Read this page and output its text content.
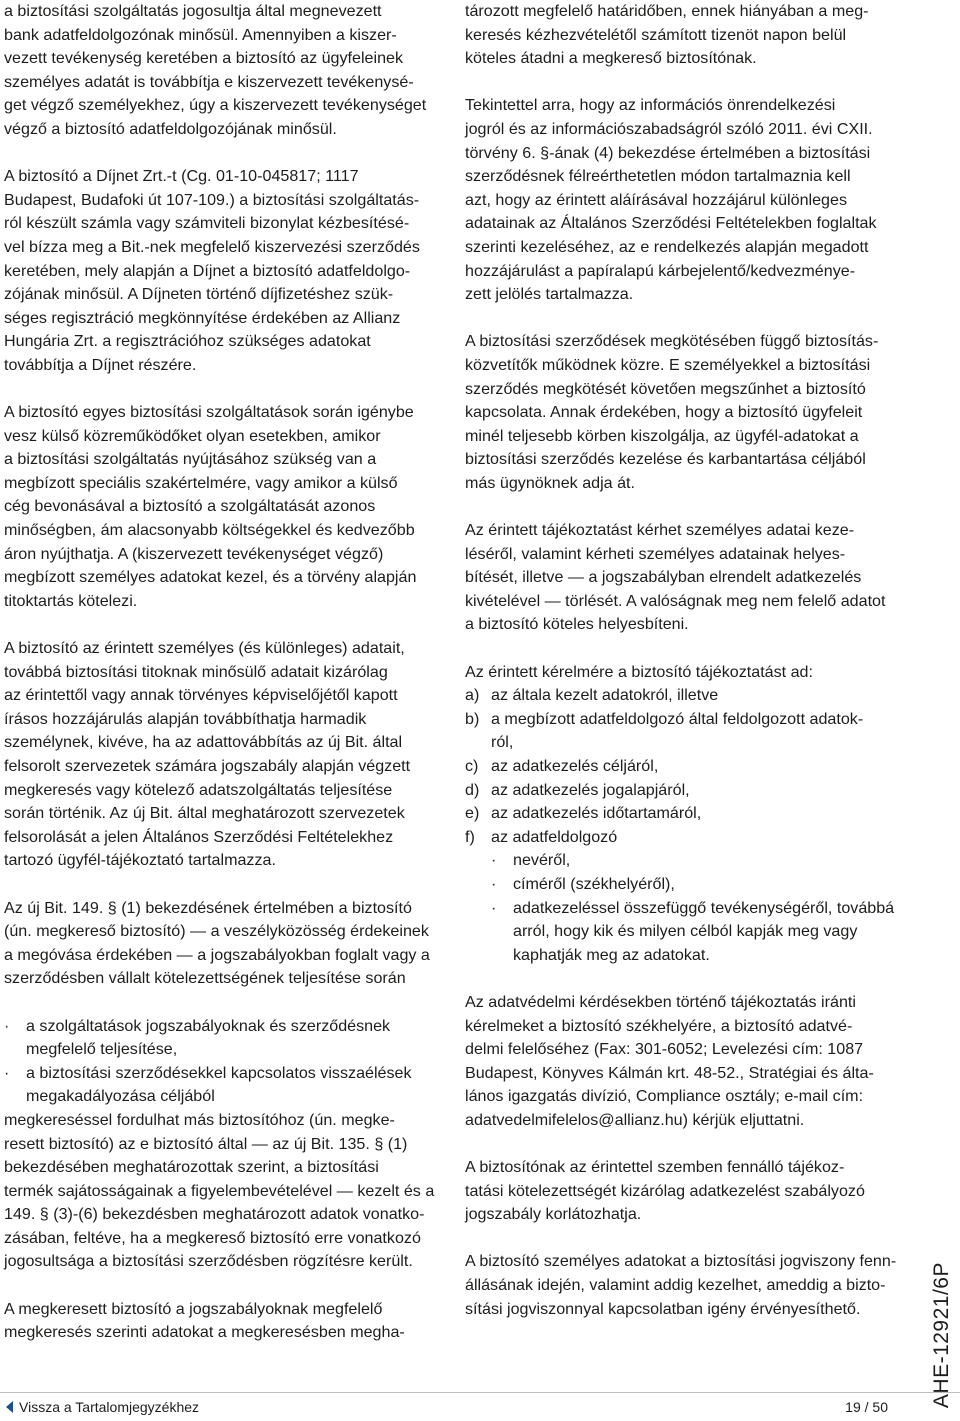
a biztosítási szolgáltatás jogosultja által megnevezett

bank adatfeldolgozónak minősül. Amennyiben a kiszer-

vezett tevékenység keretében a biztosító az ügyfeleinek

személyes adatát is továbbítja e kiszervezett tevékenysé-

get végző személyekhez, úgy a kiszervezett tevékenységet

végző a biztosító adatfeldolgozójának minősül.

A biztosító a Díjnet Zrt.-t (Cg. 01-10-045817; 1117

Budapest, Budafoki út 107-109.) a biztosítási szolgáltatás-

ról készült számla vagy számviteli bizonylat kézbesítésé-

vel bízza meg a Bit.-nek megfelelő kiszervezési szerződés

keretében, mely alapján a Díjnet a biztosító adatfeldolgo-

zójának minősül. A Díjneten történő díjfizetéshez szük-

séges regisztráció megkönnyítése érdekében az Allianz

Hungária Zrt. a regisztrációhoz szükséges adatokat

továbbítja a Díjnet részére.

A biztosító egyes biztosítási szolgáltatások során igénybe

vesz külső közreműködőket olyan esetekben, amikor

a biztosítási szolgáltatás nyújtásához szükség van a

megbízott speciális szakértelmére, vagy amikor a külső

cég bevonásával a biztosító a szolgáltatását azonos

minőségben, ám alacsonyabb költségekkel és kedvezőbb

áron nyújthatja. A (kiszervezett tevékenységet végző)

megbízott személyes adatokat kezel, és a törvény alapján

titoktartás kötelezi.

A biztosító az érintett személyes (és különleges) adatait,

továbbá biztosítási titoknak minősülő adatait kizárólag

az érintettől vagy annak törvényes képviselőjétől kapott

írásos hozzájárulás alapján továbbíthatja harmadik

személynek, kivéve, ha az adattovábbítás az új Bit. által

felsorolt szervezetek számára jogszabály alapján végzett

megkeresés vagy kötelező adatszolgáltatás teljesítése

során történik. Az új Bit. által meghatározott szervezetek

felsorolását a jelen Általános Szerződési Feltételekhez

tartozó ügyfél-tájékoztató tartalmazza.

Az új Bit. 149. § (1) bekezdésének értelmében a biztosító

(ún. megkereső biztosító) — a veszélyközösség érdekeinek

a megóvása érdekében — a jogszabályokban foglalt vagy a

szerződésben vállalt kötelezettségének teljesítése során

·	a szolgáltatások jogszabályoknak és szerződésnek

megfelelő teljesítése,

·	a biztosítási szerződésekkel kapcsolatos visszaélések

megakadályozása céljából

megkereséssel fordulhat más biztosítóhoz (ún. megke-

resett biztosító) az e biztosító által — az új Bit. 135. § (1)

bekezdésében meghatározottak szerint, a biztosítási

termék sajátosságainak a figyelembevételével — kezelt és a

149. § (3)-(6) bekezdésben meghatározott adatok vonatko-

zásában, feltéve, ha a megkereső biztosító erre vonatkozó

jogosultsága a biztosítási szerződésben rögzítésre került.

A megkeresett biztosító a jogszabályoknak megfelelő

megkeresés szerinti adatokat a megkeresésben megha-

tározott megfelelő határidőben, ennek hiányában a meg-

keresés kézhezvételétől számított tizenöt napon belül

köteles átadni a megkereső biztosítónak.

Tekintettel arra, hogy az információs önrendelkezési

jogról és az információszabadságról szóló 2011. évi CXII.

törvény 6. §-ának (4) bekezdése értelmében a biztosítási

szerződésnek félreérthetetlen módon tartalmaznia kell

azt, hogy az érintett aláírásával hozzájárul különleges

adatainak az Általános Szerződési Feltételekben foglaltak

szerinti kezeléséhez, az e rendelkezés alapján megadott

hozzájárulást a papíralapú kárbejelentő/kedvezménye-

zett jelölés tartalmazza.

A biztosítási szerződések megkötésében függő biztosítás-

közvetítők működnek közre. E személyekkel a biztosítási

szerződés megkötését követően megszűnhet a biztosító

kapcsolata. Annak érdekében, hogy a biztosító ügyfeleit

minél teljesebb körben kiszolgálja, az ügyfél-adatokat a

biztosítási szerződés kezelése és karbantartása céljából

más ügynöknek adja át.

Az érintett tájékoztatást kérhet személyes adatai keze-

léséről, valamint kérheti személyes adatainak helyes-

bítését, illetve — a jogszabályban elrendelt adatkezelés

kivételével — törlését. A valóságnak meg nem felelő adatot

a biztosító köteles helyesbíteni.

Az érintett kérelmére a biztosító tájékoztatást ad:

a) az általa kezelt adatokról, illetve

b) a megbízott adatfeldolgozó által feldolgozott adatok-

ról,

c) az adatkezelés céljáról,

d) az adatkezelés jogalapjáról,

e) az adatkezelés időtartamáról,

f)	az adatfeldolgozó

·	nevéről,

·	címéről (székhelyéről),

·	adatkezeléssel összefüggő tevékenységéről, továbbá

arról, hogy kik és milyen célból kapják meg vagy

kaphatják meg az adatokat.

Az adatvédelmi kérdésekben történő tájékoztatás iránti

kérelmeket a biztosító székhelyére, a biztosító adatvé-

delmi felelőséhez (Fax: 301-6052; Levelezési cím: 1087

Budapest, Könyves Kálmán krt. 48-52., Stratégiai és álta-

lános igazgatás divízió, Compliance osztály; e-mail cím:

adatvedelmifelelos@allianz.hu) kérjük eljuttatni.

A biztosítónak az érintettel szemben fennálló tájékoz-

tatási kötelezettségét kizárólag adatkezelést szabályozó

jogszabály korlátozhatja.

A biztosító személyes adatokat a biztosítási jogviszony fenn-

állásának idején, valamint addig kezelhet, ameddig a bizto-

sítási jogviszonnyal kapcsolatban igény érvényesíthető.	AHE-12921/6P
Vissza a Tartalomjegyzékhez	19 / 50
